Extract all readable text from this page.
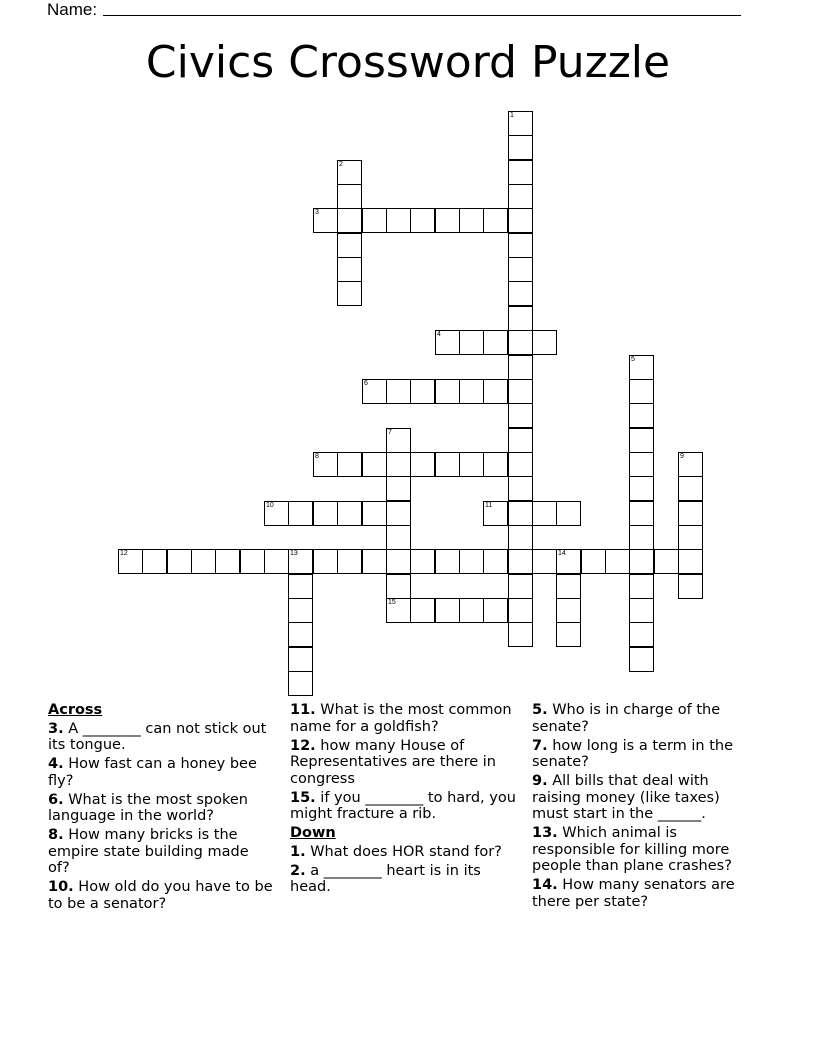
Name:
Civics Crossword Puzzle
1
2
3
4
5
6
7
15
8	9
10	11
12	13	14
Across
3. A ________ can not stick out its tongue.
4. How fast can a honey bee fly?
6. What is the most spoken language in the world?
8. How many bricks is the empire state building made of?
10. How old do you have to be to be a senator?
11. What is the most common name for a goldfish?
12. how many House of Representatives are there in congress
15. if you ________ to hard, you might fracture a rib.
Down
1. What does HOR stand for?
2. a ________ heart is in its head.
5. Who is in charge of the senate?
7. how long is a term in the senate?
9. All bills that deal with raising money (like taxes) must start in the ______.
13. Which animal is responsible for killing more people than plane crashes?
14. How many senators are there per state?
